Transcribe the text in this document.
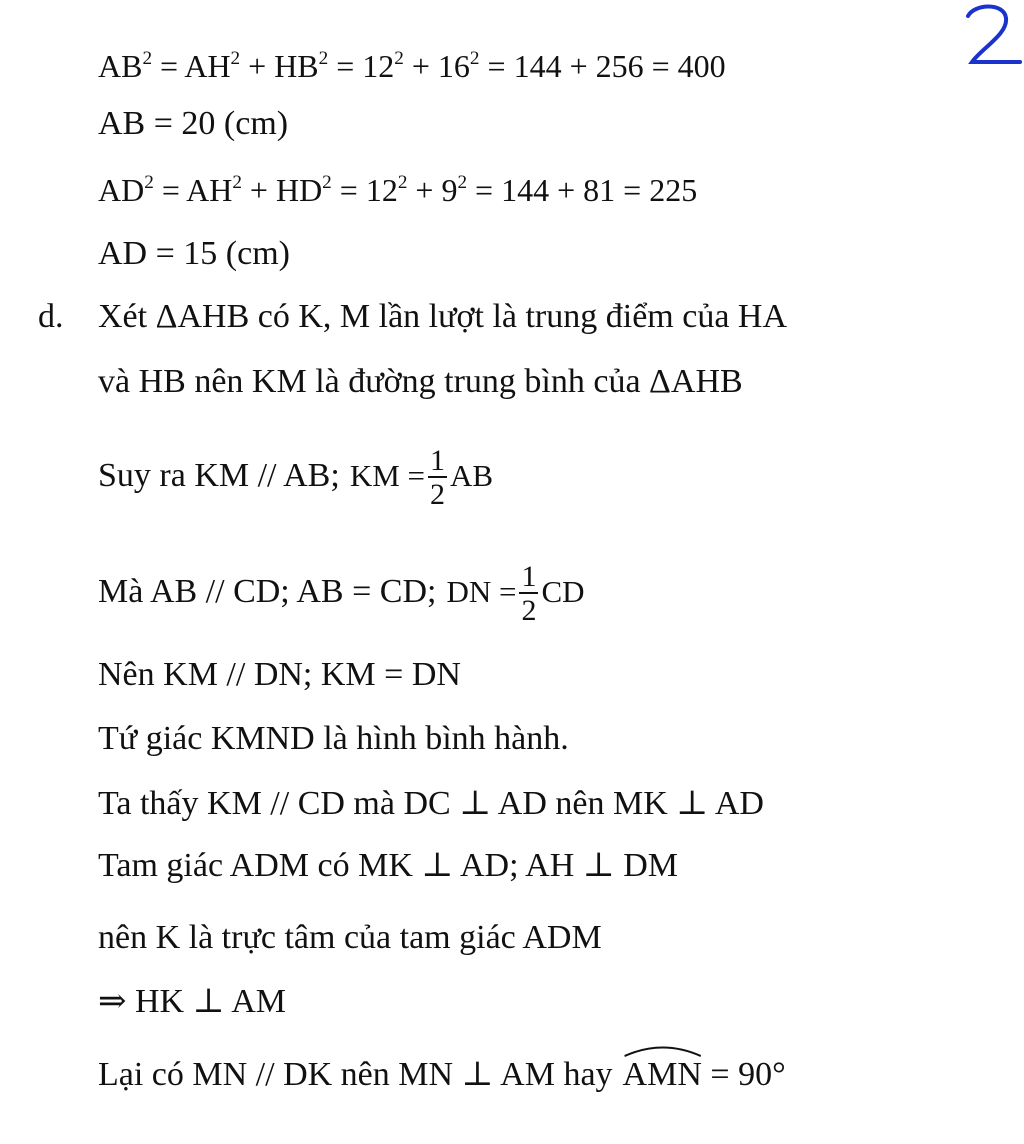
$AB^2 = AH^2 + HB^2 = 12^2 + 16^2 = 144 + 256 = 400$
AB = 20 (cm)
$AD^2 = AH^2 + HD^2 = 12^2 + 9^2 = 144 + 81 = 225$
AD = 15 (cm)
d. Xét ΔAHB có K, M lần lượt là trung điểm của HA
và HB nên KM là đường trung bình của ΔAHB
Suy ra KM // AB; KM = $\frac{1}{2}$ AB
Mà AB // CD; AB = CD; DN = $\frac{1}{2}$ CD
Nên KM // DN; KM = DN
Tứ giác KMND là hình bình hành.
Ta thấy KM // CD mà DC ⊥ AD nên MK ⊥ AD
Tam giác ADM có MK ⊥ AD; AH ⊥ DM
nên K là trực tâm của tam giác ADM
⇒ HK ⊥ AM
Lại có MN // DK nên MN ⊥ AM hay AMN = 90°
